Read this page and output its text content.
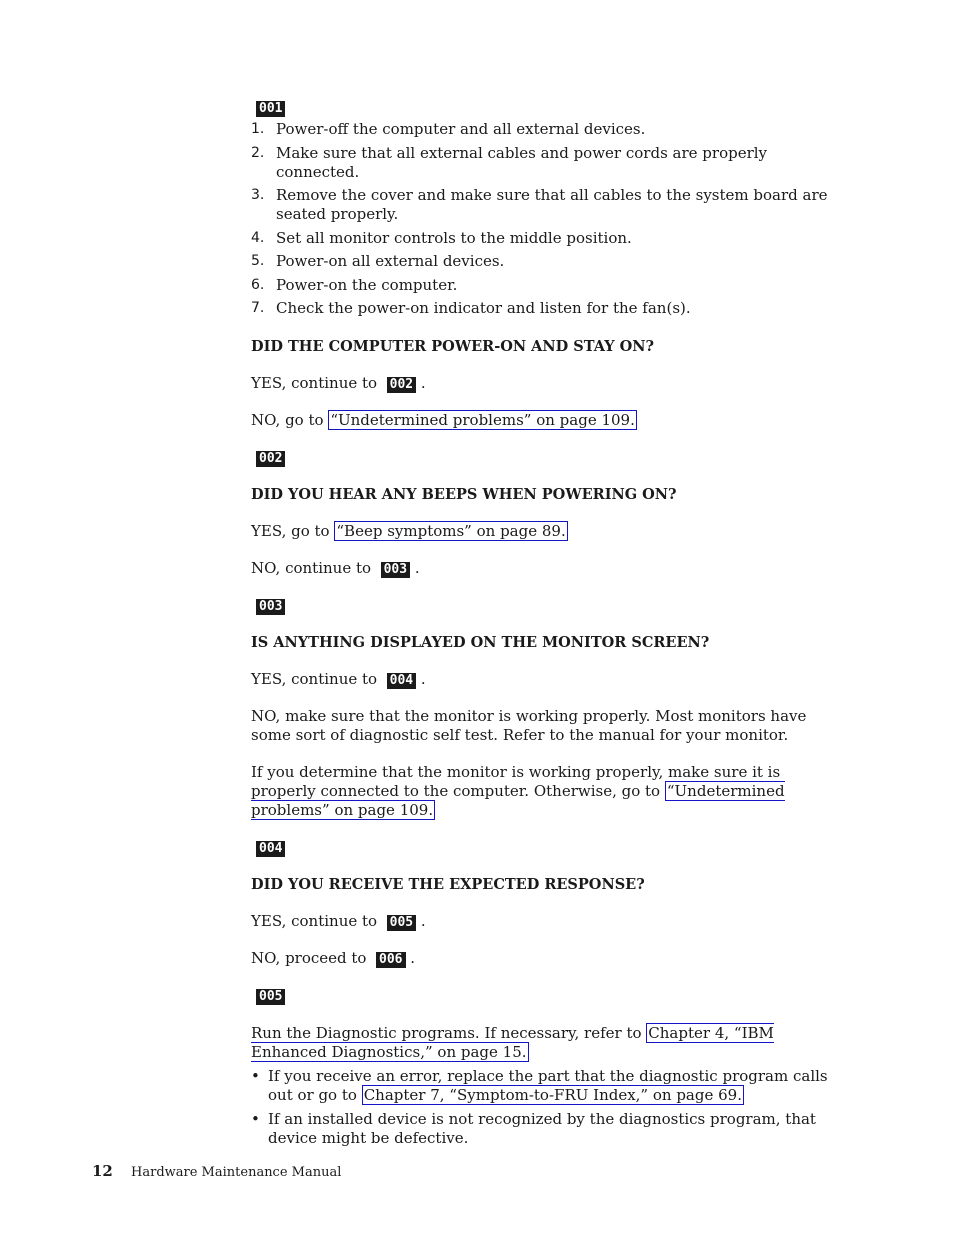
001
1. Power-off the computer and all external devices.
2. Make sure that all external cables and power cords are properly connected.
3. Remove the cover and make sure that all cables to the system board are seated properly.
4. Set all monitor controls to the middle position.
5. Power-on all external devices.
6. Power-on the computer.
7. Check the power-on indicator and listen for the fan(s).

DID THE COMPUTER POWER-ON AND STAY ON?

YES, continue to 002 .

NO, go to “Undetermined problems” on page 109.

002

DID YOU HEAR ANY BEEPS WHEN POWERING ON?

YES, go to “Beep symptoms” on page 89.

NO, continue to 003 .

003

IS ANYTHING DISPLAYED ON THE MONITOR SCREEN?

YES, continue to 004 .

NO, make sure that the monitor is working properly. Most monitors have some sort of diagnostic self test. Refer to the manual for your monitor.

If you determine that the monitor is working properly, make sure it is properly connected to the computer. Otherwise, go to “Undetermined problems” on page 109.

004

DID YOU RECEIVE THE EXPECTED RESPONSE?

YES, continue to 005 .

NO, proceed to 006 .

005

Run the Diagnostic programs. If necessary, refer to Chapter 4, “IBM Enhanced Diagnostics,” on page 15.

• If you receive an error, replace the part that the diagnostic program calls out or go to Chapter 7, “Symptom-to-FRU Index,” on page 69.
• If an installed device is not recognized by the diagnostics program, that device might be defective.
12 Hardware Maintenance Manual
